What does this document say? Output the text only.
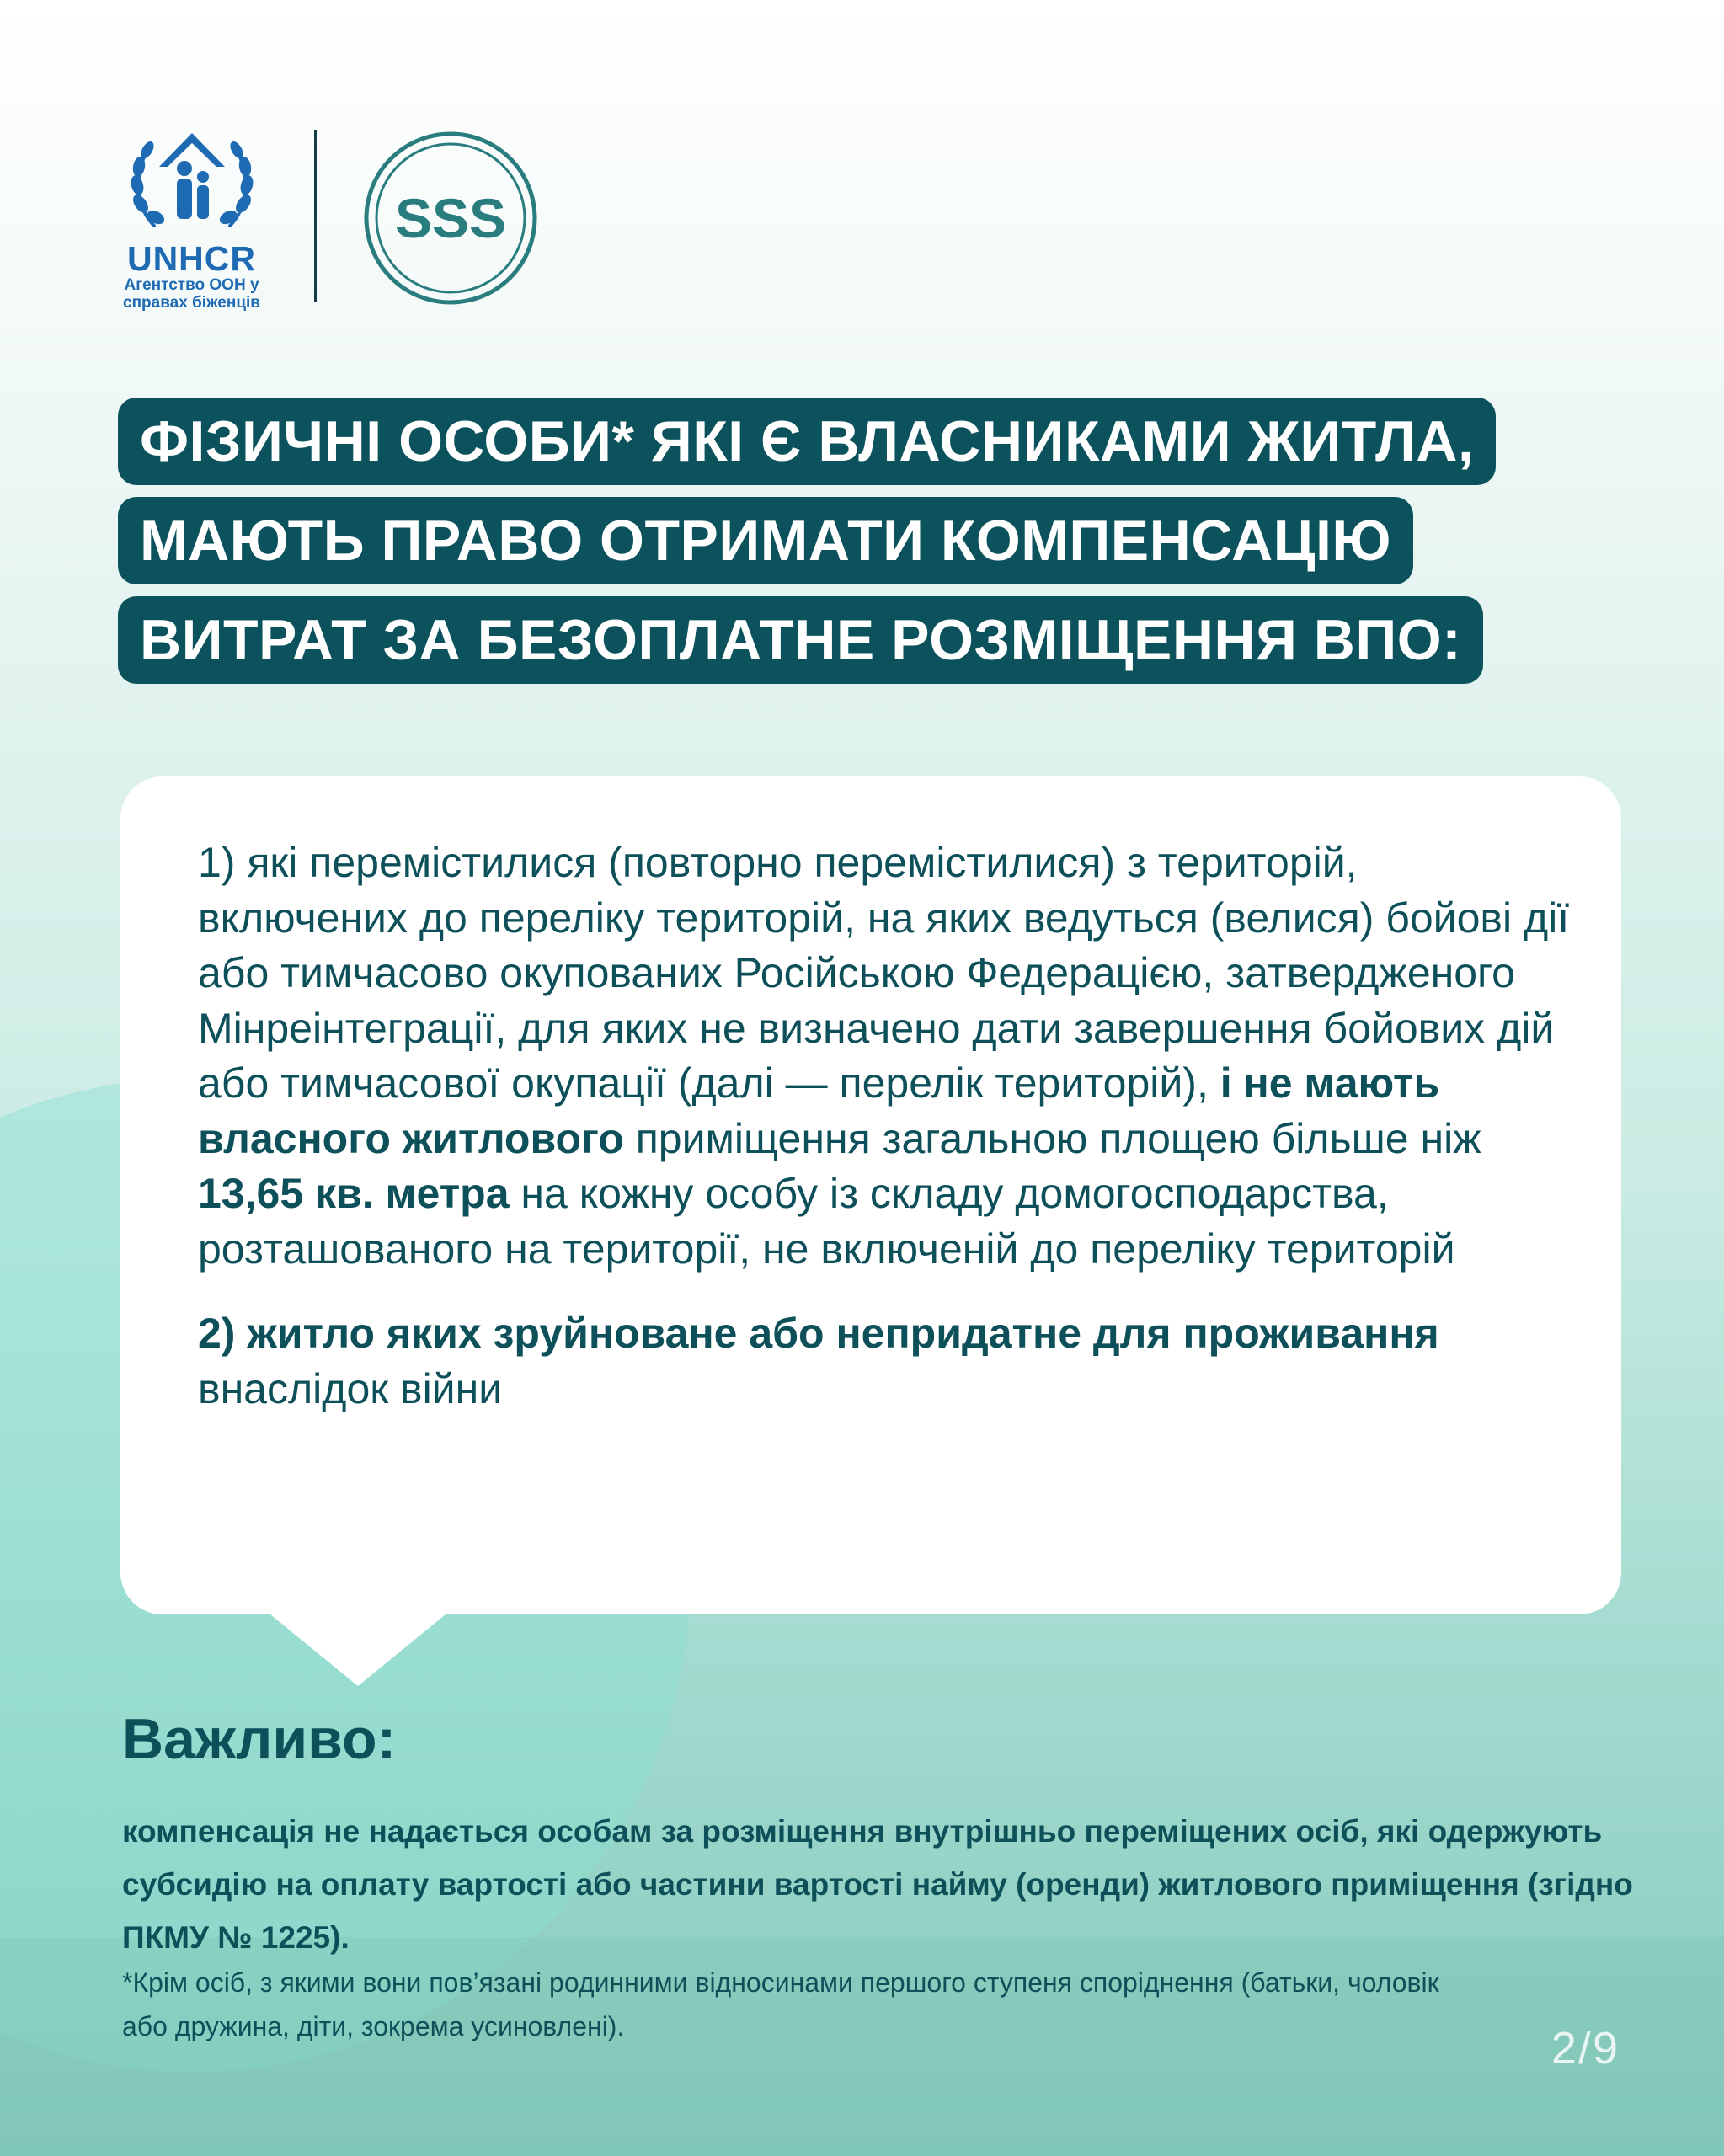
UNHCR
Агентство ООН у
справах біженців
SSS
ФІЗИЧНІ ОСОБИ* ЯКІ Є ВЛАСНИКАМИ ЖИТЛА,
МАЮТЬ ПРАВО ОТРИМАТИ КОМПЕНСАЦІЮ
ВИТРАТ ЗА БЕЗОПЛАТНЕ РОЗМІЩЕННЯ ВПО:

1) які перемістилися (повторно перемістилися) з територій, включених до переліку територій, на яких ведуться (велися) бойові дії або тимчасово окупованих Російською Федерацією, затвердженого Мінреінтеграції, для яких не визначено дати завершення бойових дій або тимчасової окупації (далі — перелік територій), і не мають власного житлового приміщення загальною площею більше ніж 13,65 кв. метра на кожну особу із складу домогосподарства, розташованого на території, не включеній до переліку територій

2) житло яких зруйноване або непридатне для проживання
внаслідок війни

Важливо:
компенсація не надається особам за розміщення внутрішньо переміщених осіб, які одержують субсидію на оплату вартості або частини вартості найму (оренди) житлового приміщення (згідно ПКМУ № 1225).
*Крім осіб, з якими вони пов’язані родинними відносинами першого ступеня споріднення (батьки, чоловік або дружина, діти, зокрема усиновлені).	2/9
